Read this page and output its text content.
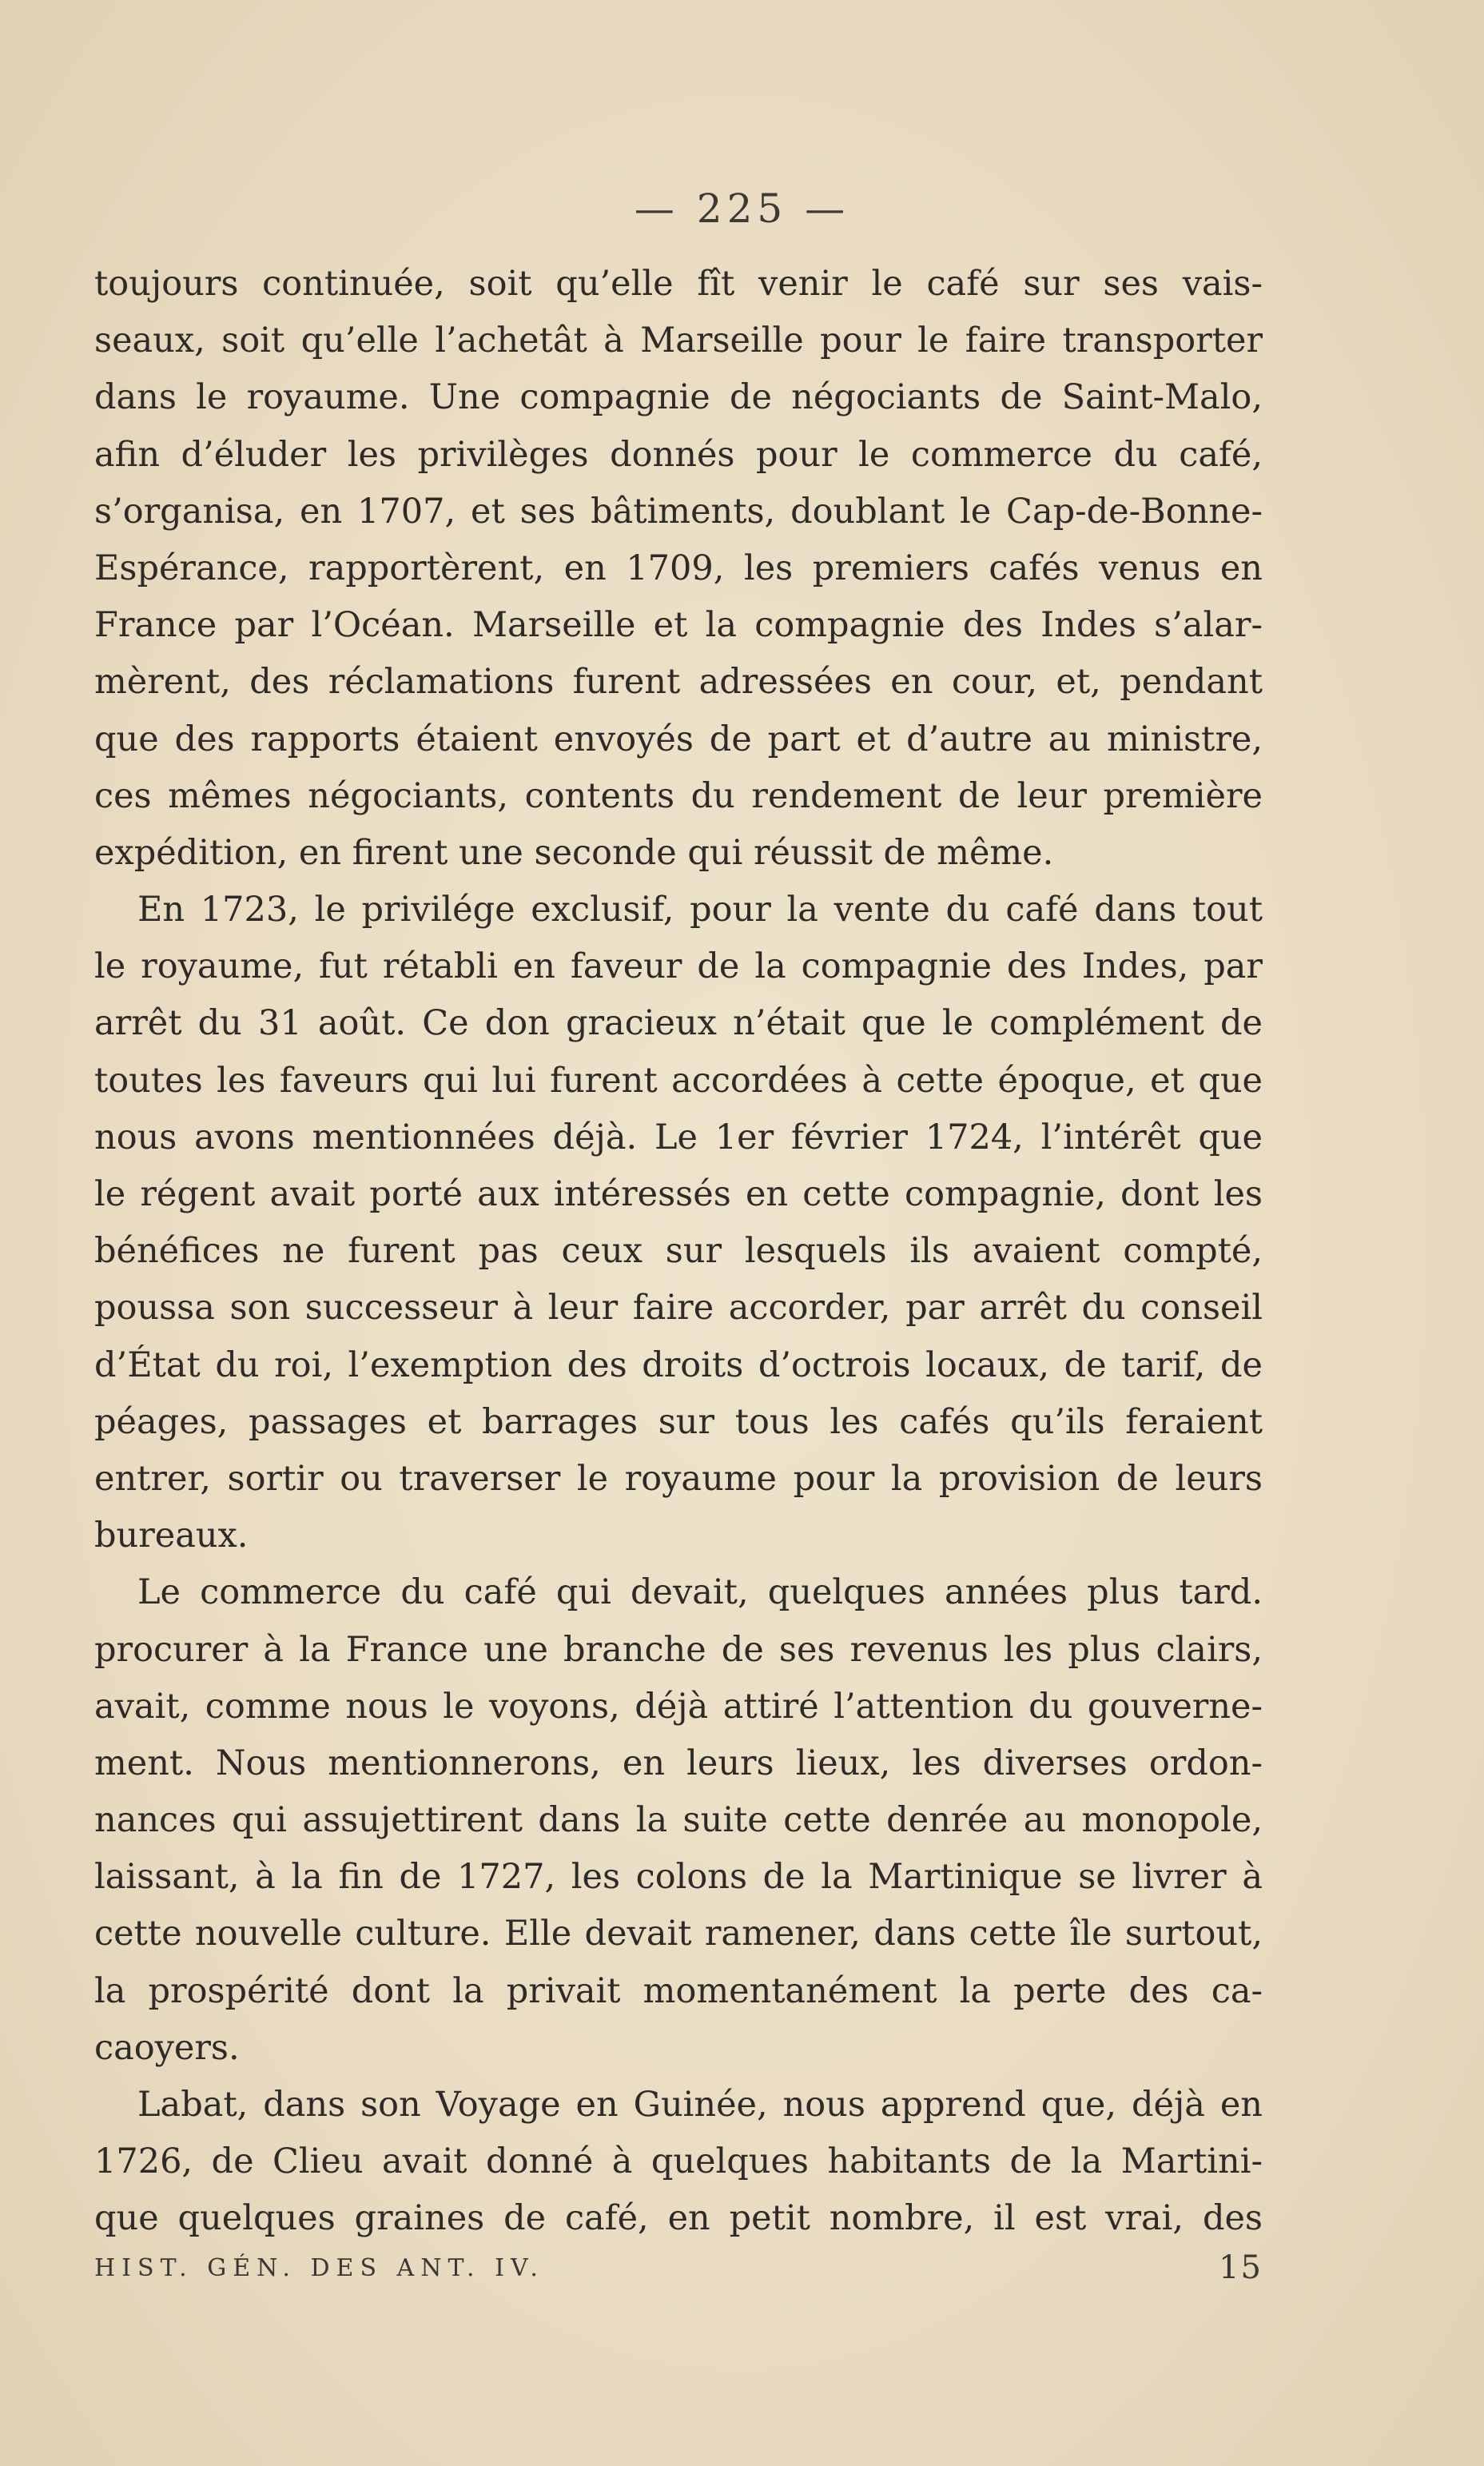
— 225 —
toujours continuée, soit qu’elle fît venir le café sur ses vais-
seaux, soit qu’elle l’achetât à Marseille pour le faire transporter
dans le royaume. Une compagnie de négociants de Saint-Malo,
afin d’éluder les privilèges donnés pour le commerce du café,
s’organisa, en 1707, et ses bâtiments, doublant le Cap-de-Bonne-
Espérance, rapportèrent, en 1709, les premiers cafés venus en
France par l’Océan. Marseille et la compagnie des Indes s’alar-
mèrent, des réclamations furent adressées en cour, et, pendant
que des rapports étaient envoyés de part et d’autre au ministre,
ces mêmes négociants, contents du rendement de leur première
expédition, en firent une seconde qui réussit de même.
En 1723, le privilége exclusif, pour la vente du café dans tout
le royaume, fut rétabli en faveur de la compagnie des Indes, par
arrêt du 31 août. Ce don gracieux n’était que le complément de
toutes les faveurs qui lui furent accordées à cette époque, et que
nous avons mentionnées déjà. Le 1er février 1724, l’intérêt que
le régent avait porté aux intéressés en cette compagnie, dont les
bénéfices ne furent pas ceux sur lesquels ils avaient compté,
poussa son successeur à leur faire accorder, par arrêt du conseil
d’État du roi, l’exemption des droits d’octrois locaux, de tarif, de
péages, passages et barrages sur tous les cafés qu’ils feraient
entrer, sortir ou traverser le royaume pour la provision de leurs
bureaux.
Le commerce du café qui devait, quelques années plus tard.
procurer à la France une branche de ses revenus les plus clairs,
avait, comme nous le voyons, déjà attiré l’attention du gouverne-
ment. Nous mentionnerons, en leurs lieux, les diverses ordon-
nances qui assujettirent dans la suite cette denrée au monopole,
laissant, à la fin de 1727, les colons de la Martinique se livrer à
cette nouvelle culture. Elle devait ramener, dans cette île surtout,
la prospérité dont la privait momentanément la perte des ca-
caoyers.
Labat, dans son Voyage en Guinée, nous apprend que, déjà en
1726, de Clieu avait donné à quelques habitants de la Martini-
que quelques graines de café, en petit nombre, il est vrai, des
HIST. GÉN. DES ANT. IV.	15
